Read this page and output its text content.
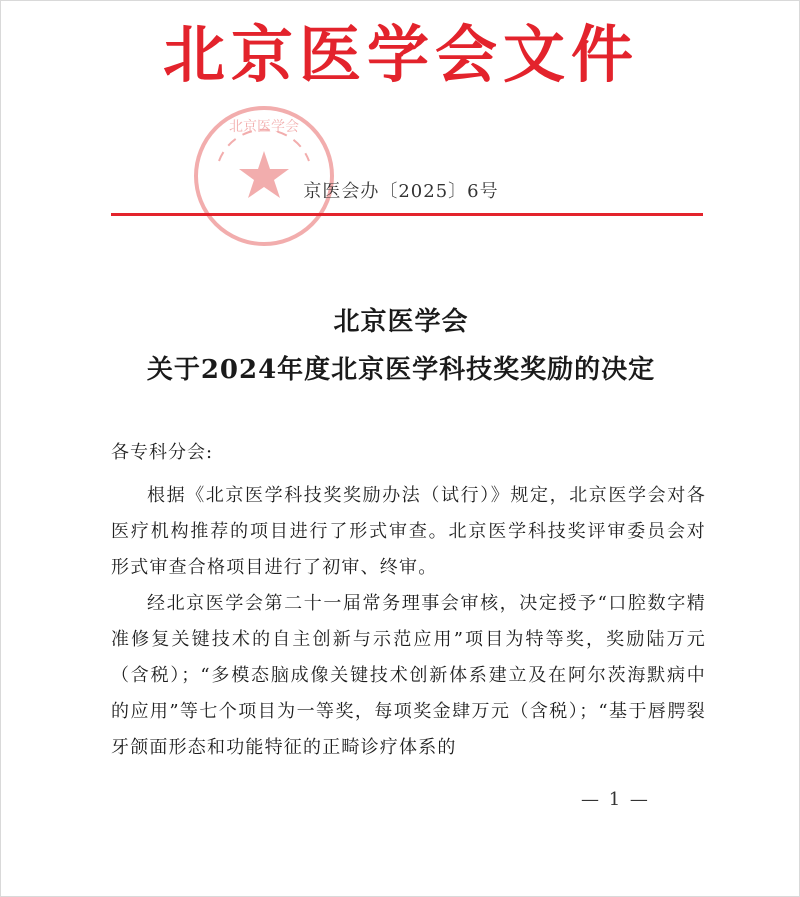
北京医学会
北京医学会文件
京医会办〔2025〕6号
北京医学会
关于2024年度北京医学科技奖奖励的决定
各专科分会:

根据《北京医学科技奖奖励办法（试行）》规定，北京医学会对各医疗机构推荐的项目进行了形式审查。北京医学科技奖评审委员会对形式审查合格项目进行了初审、终审。

经北京医学会第二十一届常务理事会审核，决定授予“口腔数字精准修复关键技术的自主创新与示范应用”项目为特等奖，奖励陆万元（含税）；“多模态脑成像关键技术创新体系建立及在阿尔茨海默病中的应用”等七个项目为一等奖，每项奖金肆万元（含税）；“基于唇腭裂牙颌面形态和功能特征的正畸诊疗体系的

— 1 —
